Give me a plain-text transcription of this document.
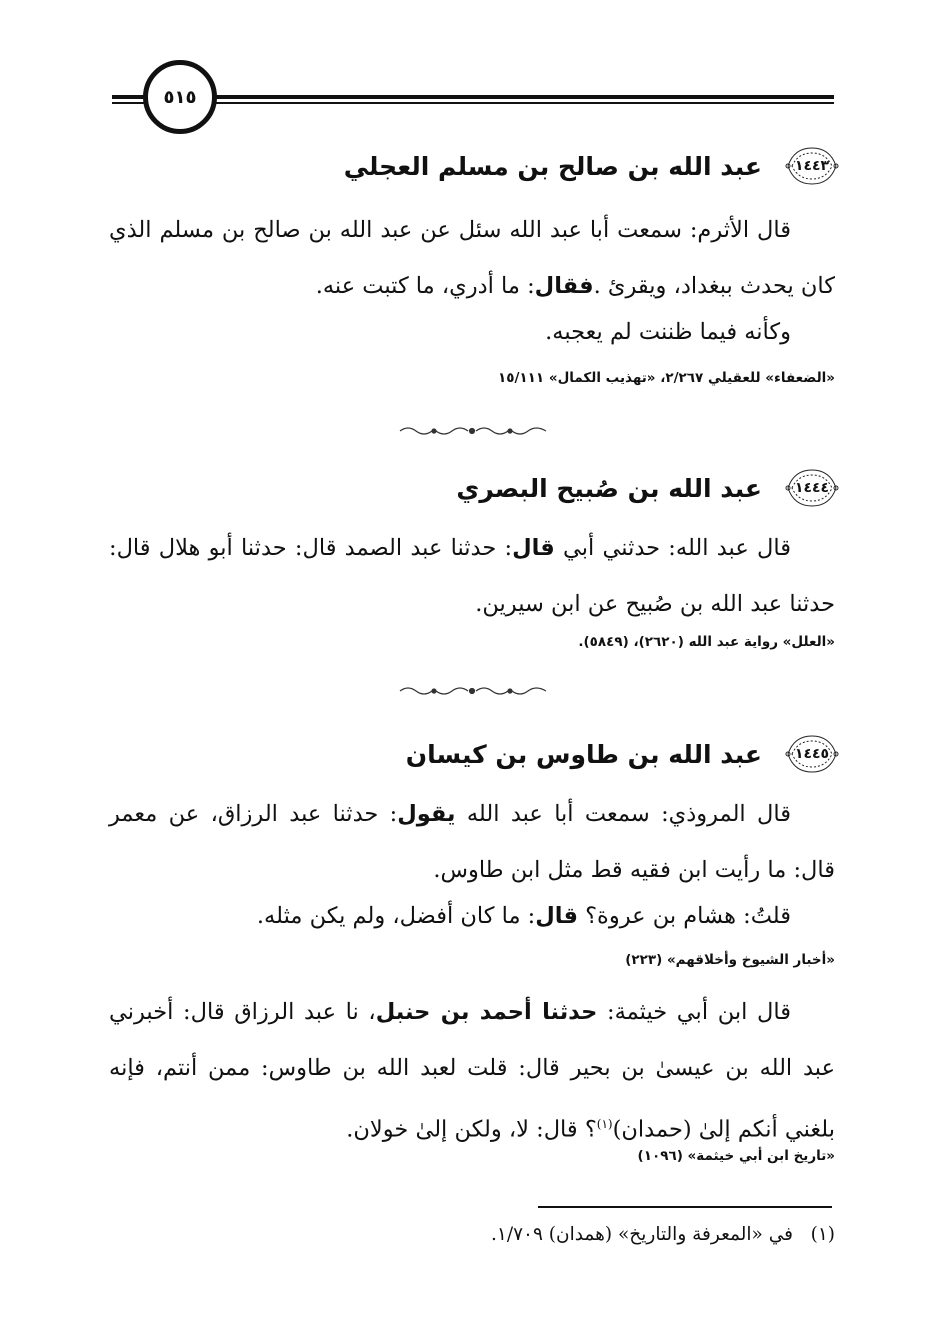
٥١٥
١٤٤٣
عبد الله بن صالح بن مسلم العجلي

قال الأثرم: سمعت أبا عبد الله سئل عن عبد الله بن صالح بن مسلم الذي كان يحدث ببغداد، ويقرئ .فقال: ما أدري، ما كتبت عنه.

وكأنه فيما ظننت لم يعجبه.

«الضعفاء» للعقيلي ٢/٢٦٧، «تهذيب الكمال» ١٥/١١١

١٤٤٤
عبد الله بن صُبيح البصري

قال عبد الله: حدثني أبي قال: حدثنا عبد الصمد قال: حدثنا أبو هلال قال: حدثنا عبد الله بن صُبيح عن ابن سيرين.

«العلل» رواية عبد الله (٢٦٢٠)، (٥٨٤٩).

١٤٤٥
عبد الله بن طاوس بن كيسان

قال المروذي: سمعت أبا عبد الله يقول: حدثنا عبد الرزاق، عن معمر قال: ما رأيت ابن فقيه قط مثل ابن طاوس.

قلتُ: هشام بن عروة؟ قال: ما كان أفضل، ولم يكن مثله.

«أخبار الشيوخ وأخلاقهم» (٢٢٣)

قال ابن أبي خيثمة: حدثنا أحمد بن حنبل، نا عبد الرزاق قال: أخبرني عبد الله بن عيسىٰ بن بحير قال: قلت لعبد الله بن طاوس: ممن أنتم، فإنه بلغني أنكم إلىٰ (حمدان)$^{(١)}$؟ قال: لا، ولكن إلىٰ خولان.

«تاريخ ابن أبي خيثمة» (١٠٩٦)

(١)   في «المعرفة والتاريخ» (همدان) ١/٧٠٩.
